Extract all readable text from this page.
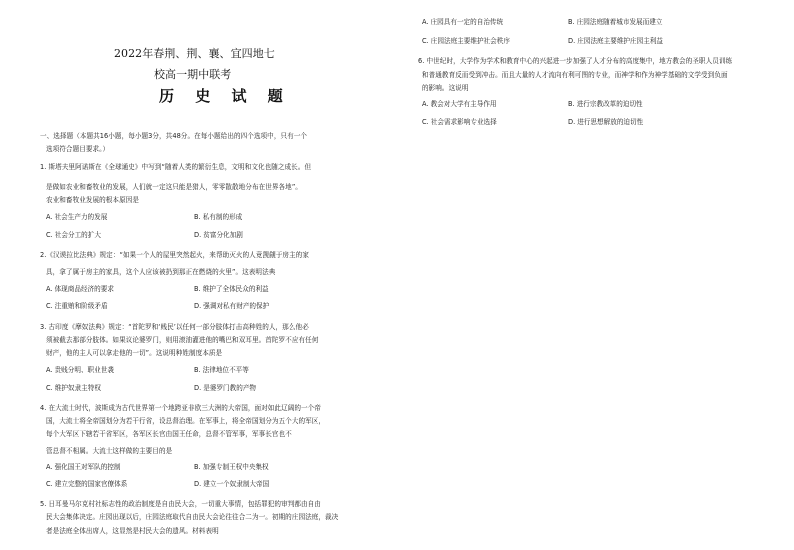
2022年春荆、荆、襄、宜四地七
校高一期中联考
历 史 试 题
一、选择题（本题共16小题，每小题3分，共48分。在每小题给出的四个选项中，只有一个
选项符合题目要求。）
1. 斯塔夫里阿诺斯在《全球通史》中写到“随着人类的繁衍生息，文明和文化也随之成长。但
是做如农业和畜牧业的发展，人们就一定这只能是猎人，零零散散地分布在世界各地”。
农业和畜牧业发展的根本原因是
A. 社会生产力的发展	B. 私有制的形成
C. 社会分工的扩大	D. 贫富分化加剧
2.《汉谟拉比法典》规定：“如果一个人的屋里突然起火，来帮助灭火的人竟觊觎于房主的家
具，拿了属于房主的家具，这个人应该被扔到那正在燃烧的火里”。这表明法典
A. 体现商品经济的要求	B. 维护了全体民众的利益
C. 注重贿和阶级矛盾	D. 强调对私有财产的保护
3. 古印度《摩奴法典》规定：“首陀罗和‘贱民’以任何一部分肢体打击高种姓的人，那么他必
须被截去那部分肢体。如果议论婆罗门，则用滚油灌进他的嘴巴和双耳里。首陀罗不应有任何
财产，他的主人可以拿走他的一切”。这说明种姓制度本质是
A. 贵贱分明、职业世袭	B. 法律地位不平等
C. 维护奴隶主特权	D. 是婆罗门教的产物
4. 在大流士时代，波斯成为古代世界第一个地跨亚非欧三大洲的大帝国，面对如此辽阔的一个帝
国，大流士将全帝国划分为若干行省，设总督治理。在军事上，将全帝国划分为五个大的军区，
每个大军区下辖若干省军区，各军区长官由国王任命，总督不管军事，军事长官也不
管总督不相属。大流士这样做的主要目的是
A. 强化国王对军队的控制	B. 加强专制王权中央集权
C. 建立完整的国家官僚体系	D. 建立一个奴隶制大帝国
5. 日耳曼马尔克村社标志性的政治制度是自由民大会，一切重大事情，包括罪犯的审判都由自由
民大会集体决定。庄园出现以后，庄园法庭取代自由民大会论往往合二为一。初期的庄园法庭，裁决
者是法庭全体出席人，这显然是村民大会的遗风。材料表明
A. 庄园具有一定的自治传统	B. 庄园法庭随着城市发展而建立
C. 庄园法庭主要维护社会秩序	D. 庄园法庭主要维护庄园主利益
6. 中世纪时，大学作为学术和教育中心的兴起进一步加强了人才分布的高度集中，地方教会的圣职人员训练
和普通教育反而受到冲击。而且大量的人才流向有利可图的专业，而神学和作为神学基础的文学受到负面
的影响。这说明
A. 教会对大学有主导作用	B. 进行宗教改革的迫切性
C. 社会需求影响专业选择	D. 进行思想解放的迫切性
